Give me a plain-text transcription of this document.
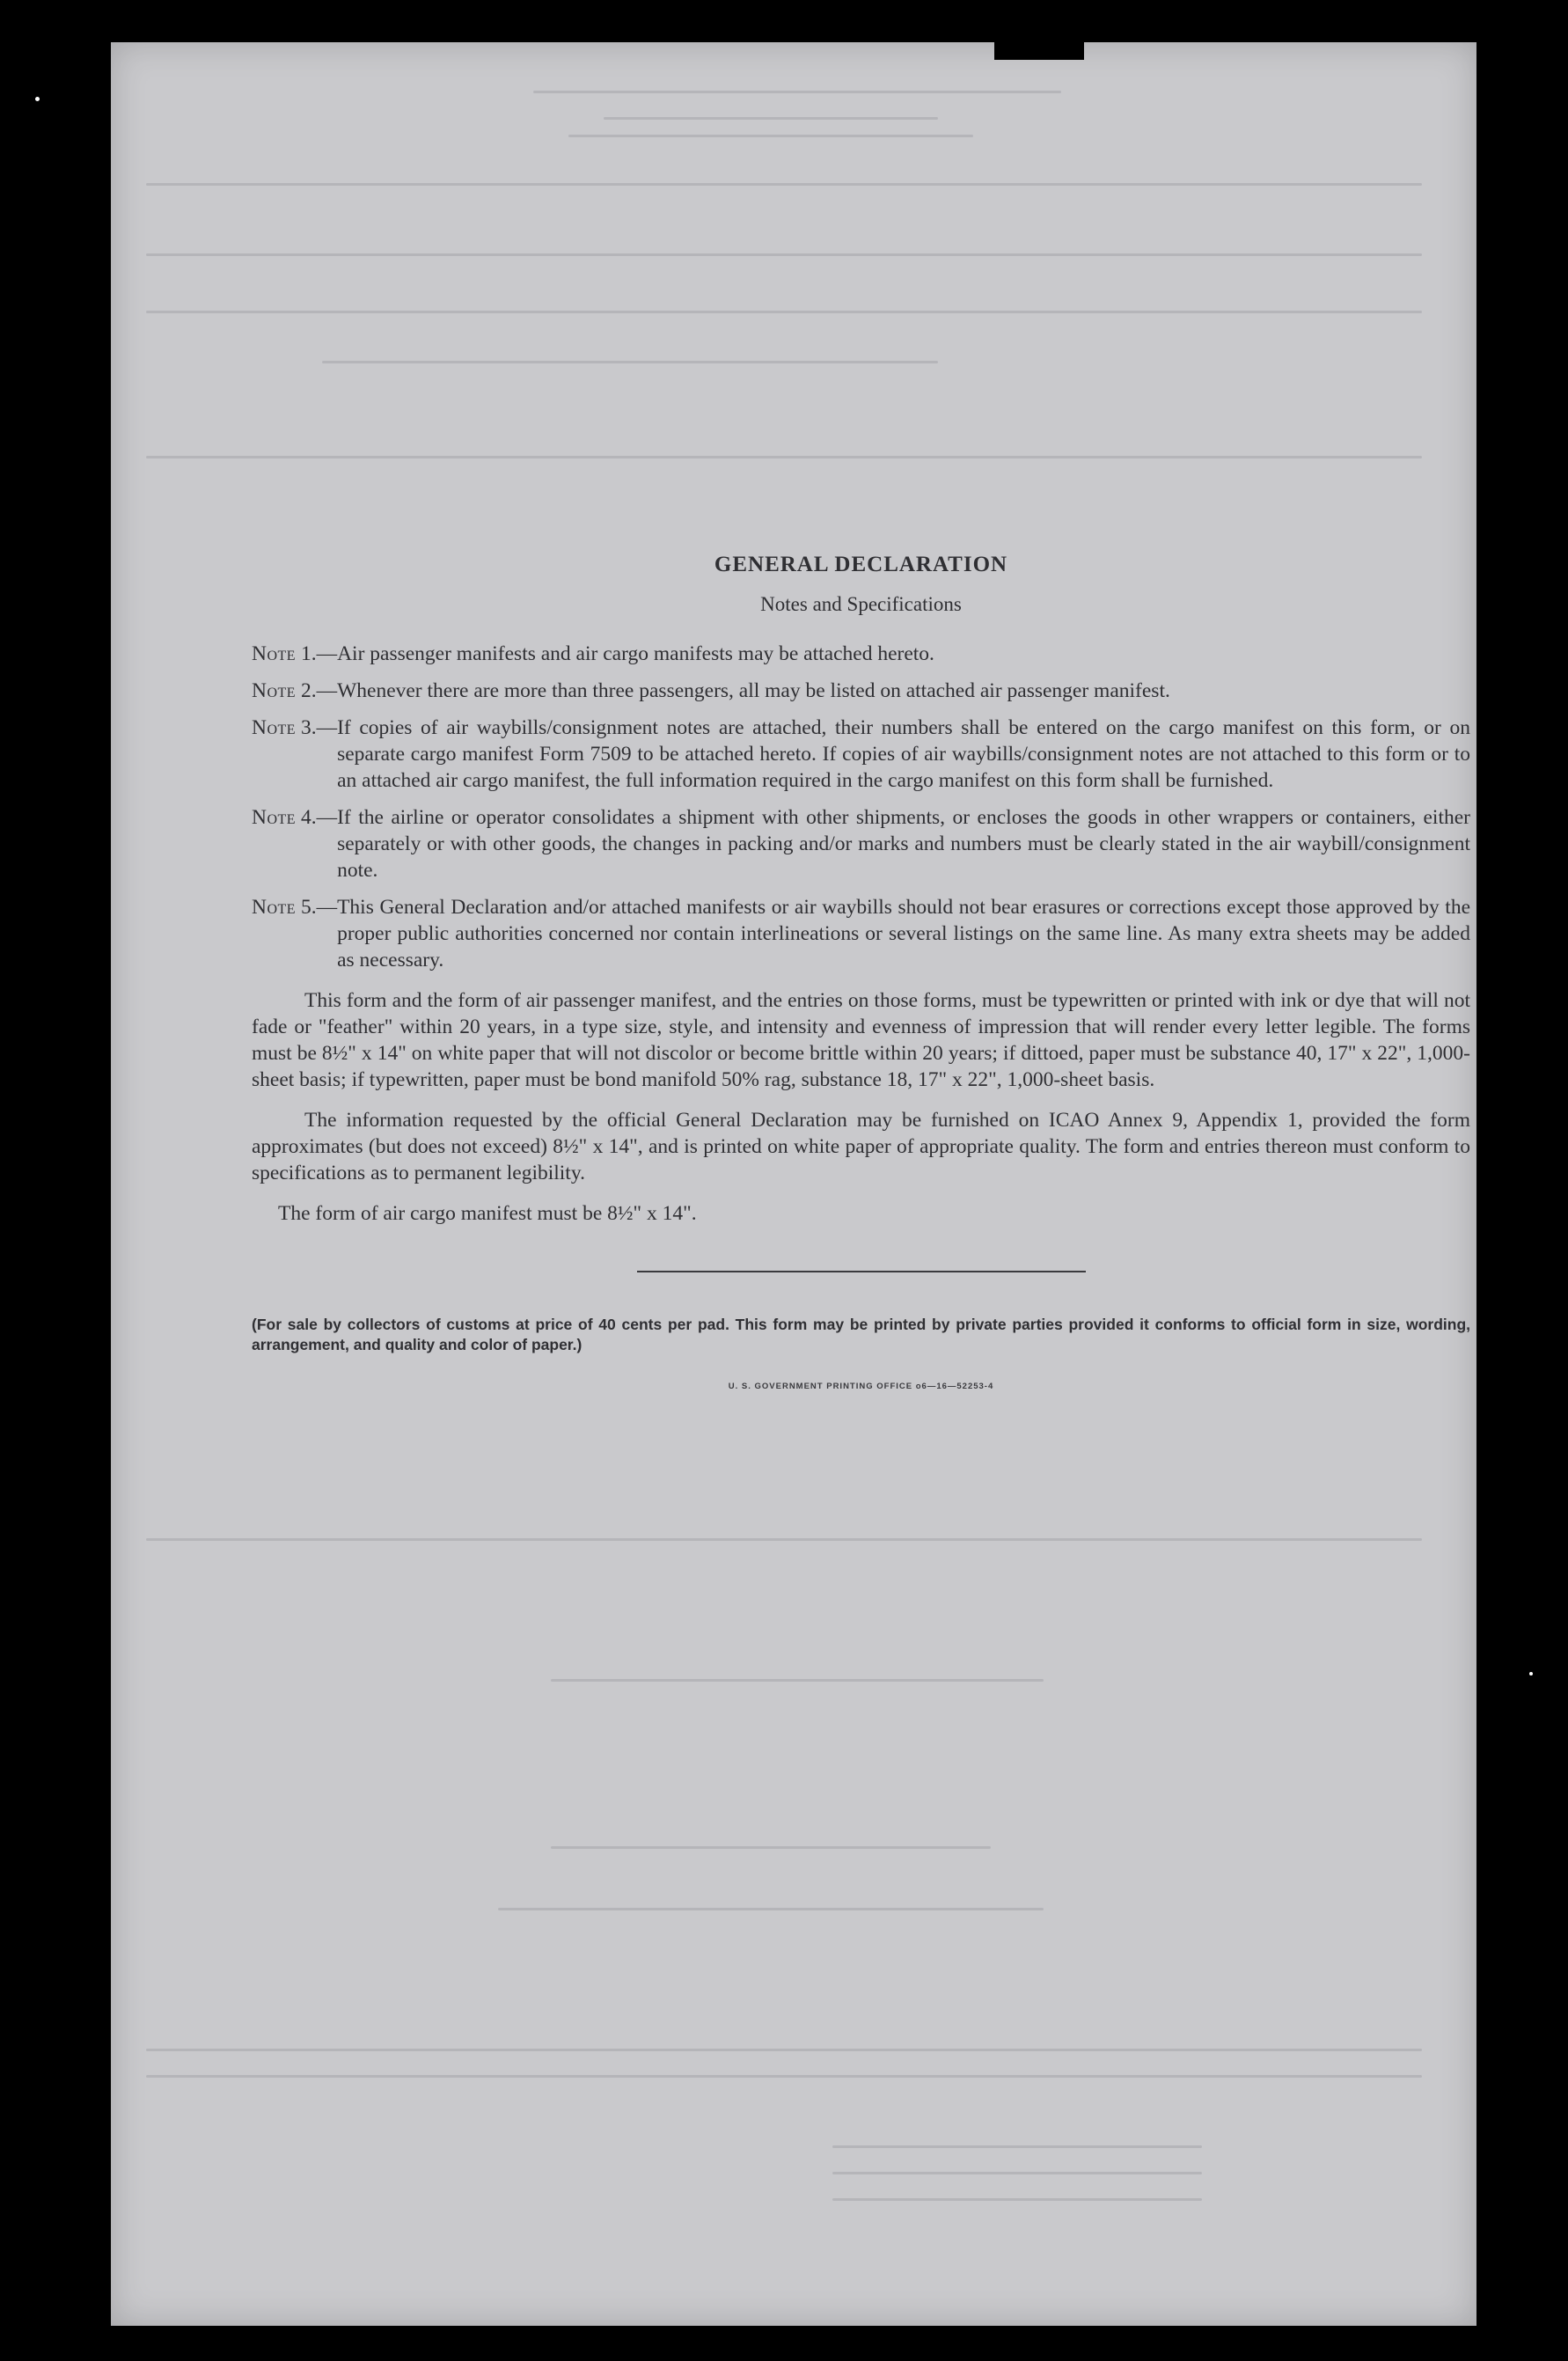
GENERAL DECLARATION
Notes and Specifications
Note 1.— Air passenger manifests and air cargo manifests may be attached hereto.
Note 2.— Whenever there are more than three passengers, all may be listed on attached air passenger manifest.
Note 3.— If copies of air waybills/consignment notes are attached, their numbers shall be entered on the cargo manifest on this form, or on separate cargo manifest Form 7509 to be attached hereto. If copies of air waybills/consignment notes are not attached to this form or to an attached air cargo manifest, the full information required in the cargo manifest on this form shall be furnished.
Note 4.— If the airline or operator consolidates a shipment with other shipments, or encloses the goods in other wrappers or containers, either separately or with other goods, the changes in packing and/or marks and numbers must be clearly stated in the air waybill/consignment note.
Note 5.— This General Declaration and/or attached manifests or air waybills should not bear erasures or corrections except those approved by the proper public authorities concerned nor contain interlineations or several listings on the same line. As many extra sheets may be added as necessary.

This form and the form of air passenger manifest, and the entries on those forms, must be typewritten or printed with ink or dye that will not fade or "feather" within 20 years, in a type size, style, and intensity and evenness of impression that will render every letter legible. The forms must be 8½" x 14" on white paper that will not discolor or become brittle within 20 years; if dittoed, paper must be substance 40, 17" x 22", 1,000-sheet basis; if typewritten, paper must be bond manifold 50% rag, substance 18, 17" x 22", 1,000-sheet basis.

The information requested by the official General Declaration may be furnished on ICAO Annex 9, Appendix 1, provided the form approximates (but does not exceed) 8½" x 14", and is printed on white paper of appropriate quality. The form and entries thereon must conform to specifications as to permanent legibility.

The form of air cargo manifest must be 8½" x 14".

(For sale by collectors of customs at price of 40 cents per pad. This form may be printed by private parties provided it conforms to official form in size, wording, arrangement, and quality and color of paper.)

U. S. GOVERNMENT PRINTING OFFICE o6—16—52253-4
